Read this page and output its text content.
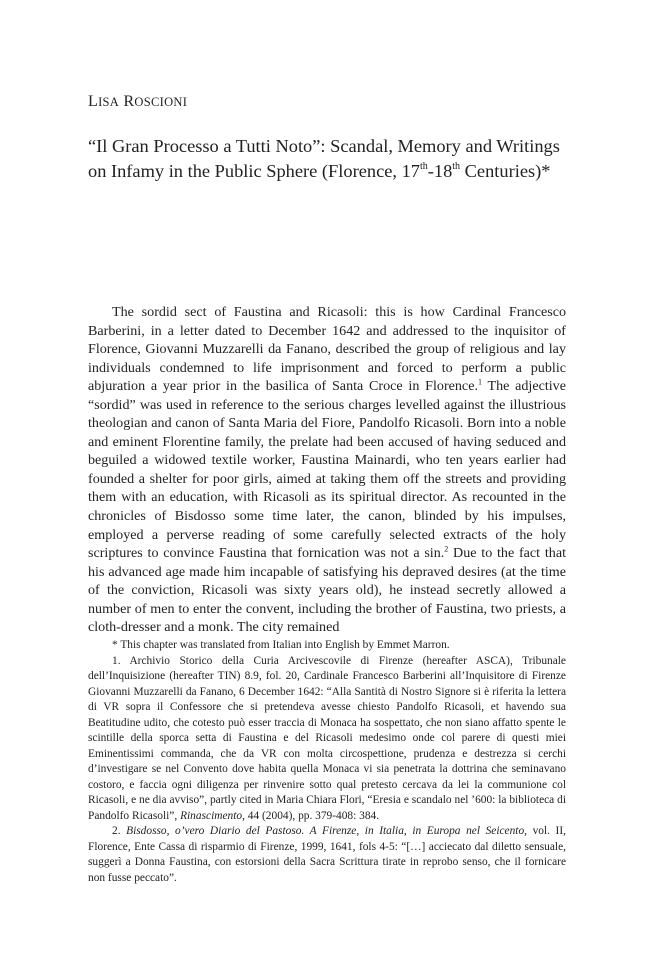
LISA ROSCIONI
“Il Gran Processo a Tutti Noto”: Scandal, Memory and Writings
on Infamy in the Public Sphere (Florence, 17th-18th Centuries)*

The sordid sect of Faustina and Ricasoli: this is how Cardinal Francesco Barberini, in a letter dated to December 1642 and addressed to the inquisitor of Florence, Giovanni Muzzarelli da Fanano, described the group of religious and lay individuals condemned to life imprisonment and forced to perform a public abjuration a year prior in the basilica of Santa Croce in Florence.$^1$ The adjective “sordid” was used in reference to the serious charges levelled against the illustrious theologian and canon of Santa Maria del Fiore, Pandolfo Ricasoli. Born into a noble and eminent Florentine family, the prelate had been accused of having seduced and beguiled a widowed textile worker, Faustina Mainardi, who ten years earlier had founded a shelter for poor girls, aimed at taking them off the streets and providing them with an education, with Ricasoli as its spiritual director. As recounted in the chronicles of Bisdosso some time later, the canon, blinded by his impulses, employed a perverse reading of some carefully selected extracts of the holy scriptures to convince Faustina that fornication was not a sin.$^2$ Due to the fact that his advanced age made him incapable of satisfying his depraved desires (at the time of the conviction, Ricasoli was sixty years old), he instead secretly allowed a number of men to enter the convent, including the brother of Faustina, two priests, a cloth-dresser and a monk. The city remained

* This chapter was translated from Italian into English by Emmet Marron.

1. Archivio Storico della Curia Arcivescovile di Firenze (hereafter ASCA), Tribunale dell’Inquisizione (hereafter TIN) 8.9, fol. 20, Cardinale Francesco Barberini all’Inquisitore di Firenze Giovanni Muzzarelli da Fanano, 6 December 1642: “Alla Santità di Nostro Signore si è riferita la lettera di VR sopra il Confessore che si pretendeva avesse chiesto Pandolfo Ricasoli, et havendo sua Beatitudine udito, che cotesto può esser traccia di Monaca ha sospettato, che non siano affatto spente le scintille della sporca setta di Faustina e del Ricasoli medesimo onde col parere di questi miei Eminentissimi commanda, che da VR con molta circospettione, prudenza e destrezza si cerchi d’investigare se nel Convento dove habita quella Monaca vi sia penetrata la dottrina che seminavano costoro, e faccia ogni diligenza per rinvenire sotto qual pretesto cercava da lei la communione col Ricasoli, e ne dia avviso”, partly cited in Maria Chiara Flori, “Eresia e scandalo nel ’600: la biblioteca di Pandolfo Ricasoli”, Rinascimento, 44 (2004), pp. 379-408: 384.

2. Bisdosso, o’vero Diario del Pastoso. A Firenze, in Italia, in Europa nel Seicento, vol. II, Florence, Ente Cassa di risparmio di Firenze, 1999, 1641, fols 4-5: “[…] acciecato dal diletto sensuale, suggerì a Donna Faustina, con estorsioni della Sacra Scrittura tirate in reprobo senso, che il fornicare non fusse peccato”.
